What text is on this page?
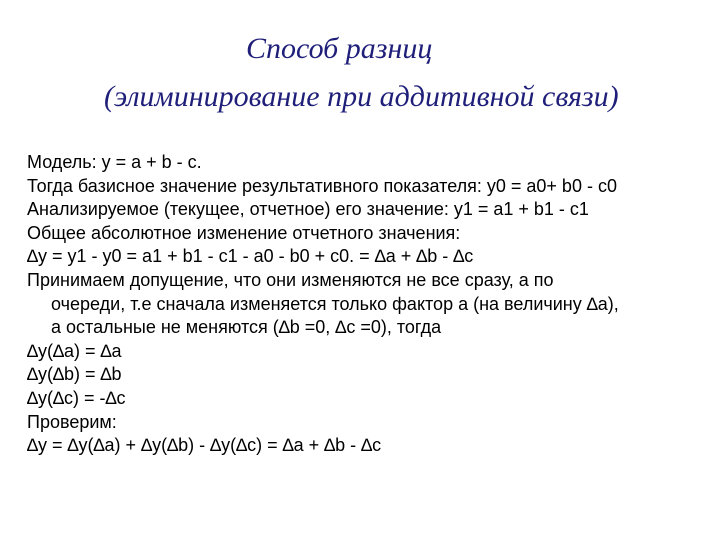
Способ разниц
(элиминирование при аддитивной связи)
Модель: y = a + b - c.
Тогда базисное значение результативного показателя: y0 = a0+ b0 - c0
Анализируемое (текущее, отчетное) его значение: y1 = a1 + b1 - c1
Общее абсолютное изменение отчетного значения:
∆y = y1 - y0 = a1 + b1 - c1 - a0 - b0 + c0. = ∆a + ∆b - ∆c
Принимаем допущение, что они изменяются не все сразу, а по
очереди, т.е сначала изменяется только фактор a (на величину ∆a),
а остальные не меняются (∆b =0, ∆c =0), тогда
∆y(∆a) = ∆a
∆y(∆b) = ∆b
∆y(∆c) = -∆c
Проверим:
∆y = ∆y(∆a) + ∆y(∆b) - ∆y(∆c) = ∆a + ∆b - ∆c
